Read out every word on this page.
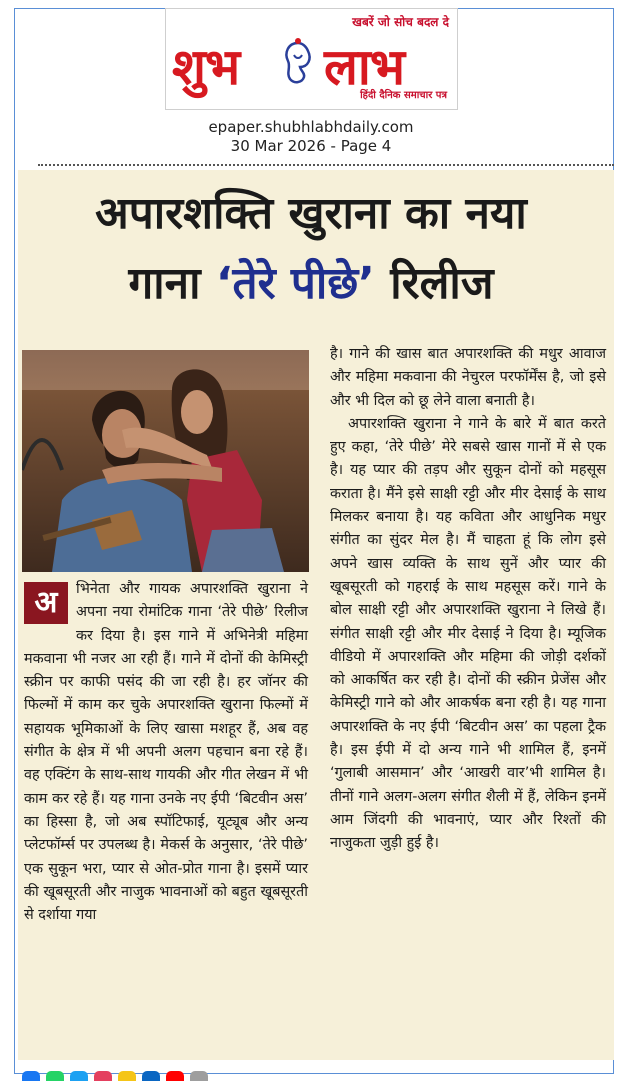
खबरें जो सोच बदल दे
शुभ लाभ
हिंदी दैनिक समाचार पत्र
epaper.shubhlabhdaily.com
30 Mar 2026 - Page 4
अपारशक्ति खुराना का नया
गाना ‘तेरे पीछे’ रिलीज
अ	भिनेता और गायक अपारशक्ति खुराना ने अपना नया रोमांटिक गाना ‘तेरे पीछे’ रिलीज कर दिया है। इस गाने में अभिनेत्री महिमा मकवाना भी नजर आ रही हैं। गाने में दोनों की केमिस्ट्री स्क्रीन पर काफी पसंद की जा रही है। हर जॉनर की फिल्मों में काम कर चुके अपारशक्ति खुराना फिल्मों में सहायक भूमिकाओं के लिए खासा मशहूर हैं, अब वह संगीत के क्षेत्र में भी अपनी अलग पहचान बना रहे हैं। वह एक्टिंग के साथ-साथ गायकी और गीत लेखन में भी काम कर रहे हैं। यह गाना उनके नए ईपी ‘बिटवीन अस’ का हिस्सा है, जो अब स्पॉटिफाई, यूट्यूब और अन्य प्लेटफॉर्म्स पर उपलब्ध है। मेकर्स के अनुसार, ‘तेरे पीछे’ एक सुकून भरा, प्यार से ओत-प्रोत गाना है। इसमें प्यार की खूबसूरती और नाजुक भावनाओं को बहुत खूबसूरती से दर्शाया गया

है। गाने की खास बात अपारशक्ति की मधुर आवाज और महिमा मकवाना की नेचुरल परफॉर्मेंस है, जो इसे और भी दिल को छू लेने वाला बनाती है।

अपारशक्ति खुराना ने गाने के बारे में बात करते हुए कहा, ‘तेरे पीछे’ मेरे सबसे खास गानों में से एक है। यह प्यार की तड़प और सुकून दोनों को महसूस कराता है। मैंने इसे साक्षी रट्टी और मीर देसाई के साथ मिलकर बनाया है। यह कविता और आधुनिक मधुर संगीत का सुंदर मेल है। मैं चाहता हूं कि लोग इसे अपने खास व्यक्ति के साथ सुनें और प्यार की खूबसूरती को गहराई के साथ महसूस करें। गाने के बोल साक्षी रट्टी और अपारशक्ति खुराना ने लिखे हैं। संगीत साक्षी रट्टी और मीर देसाई ने दिया है। म्यूजिक वीडियो में अपारशक्ति और महिमा की जोड़ी दर्शकों को आकर्षित कर रही है। दोनों की स्क्रीन प्रेजेंस और केमिस्ट्री गाने को और आकर्षक बना रही है। यह गाना अपारशक्ति के नए ईपी ‘बिटवीन अस’ का पहला ट्रैक है। इस ईपी में दो अन्य गाने भी शामिल हैं, इनमें ‘गुलाबी आसमान’ और ‘आखरी वार’भी शामिल है। तीनों गाने अलग-अलग संगीत शैली में हैं, लेकिन इनमें आम जिंदगी की भावनाएं, प्यार और रिश्तों की नाजुकता जुड़ी हुई है।
